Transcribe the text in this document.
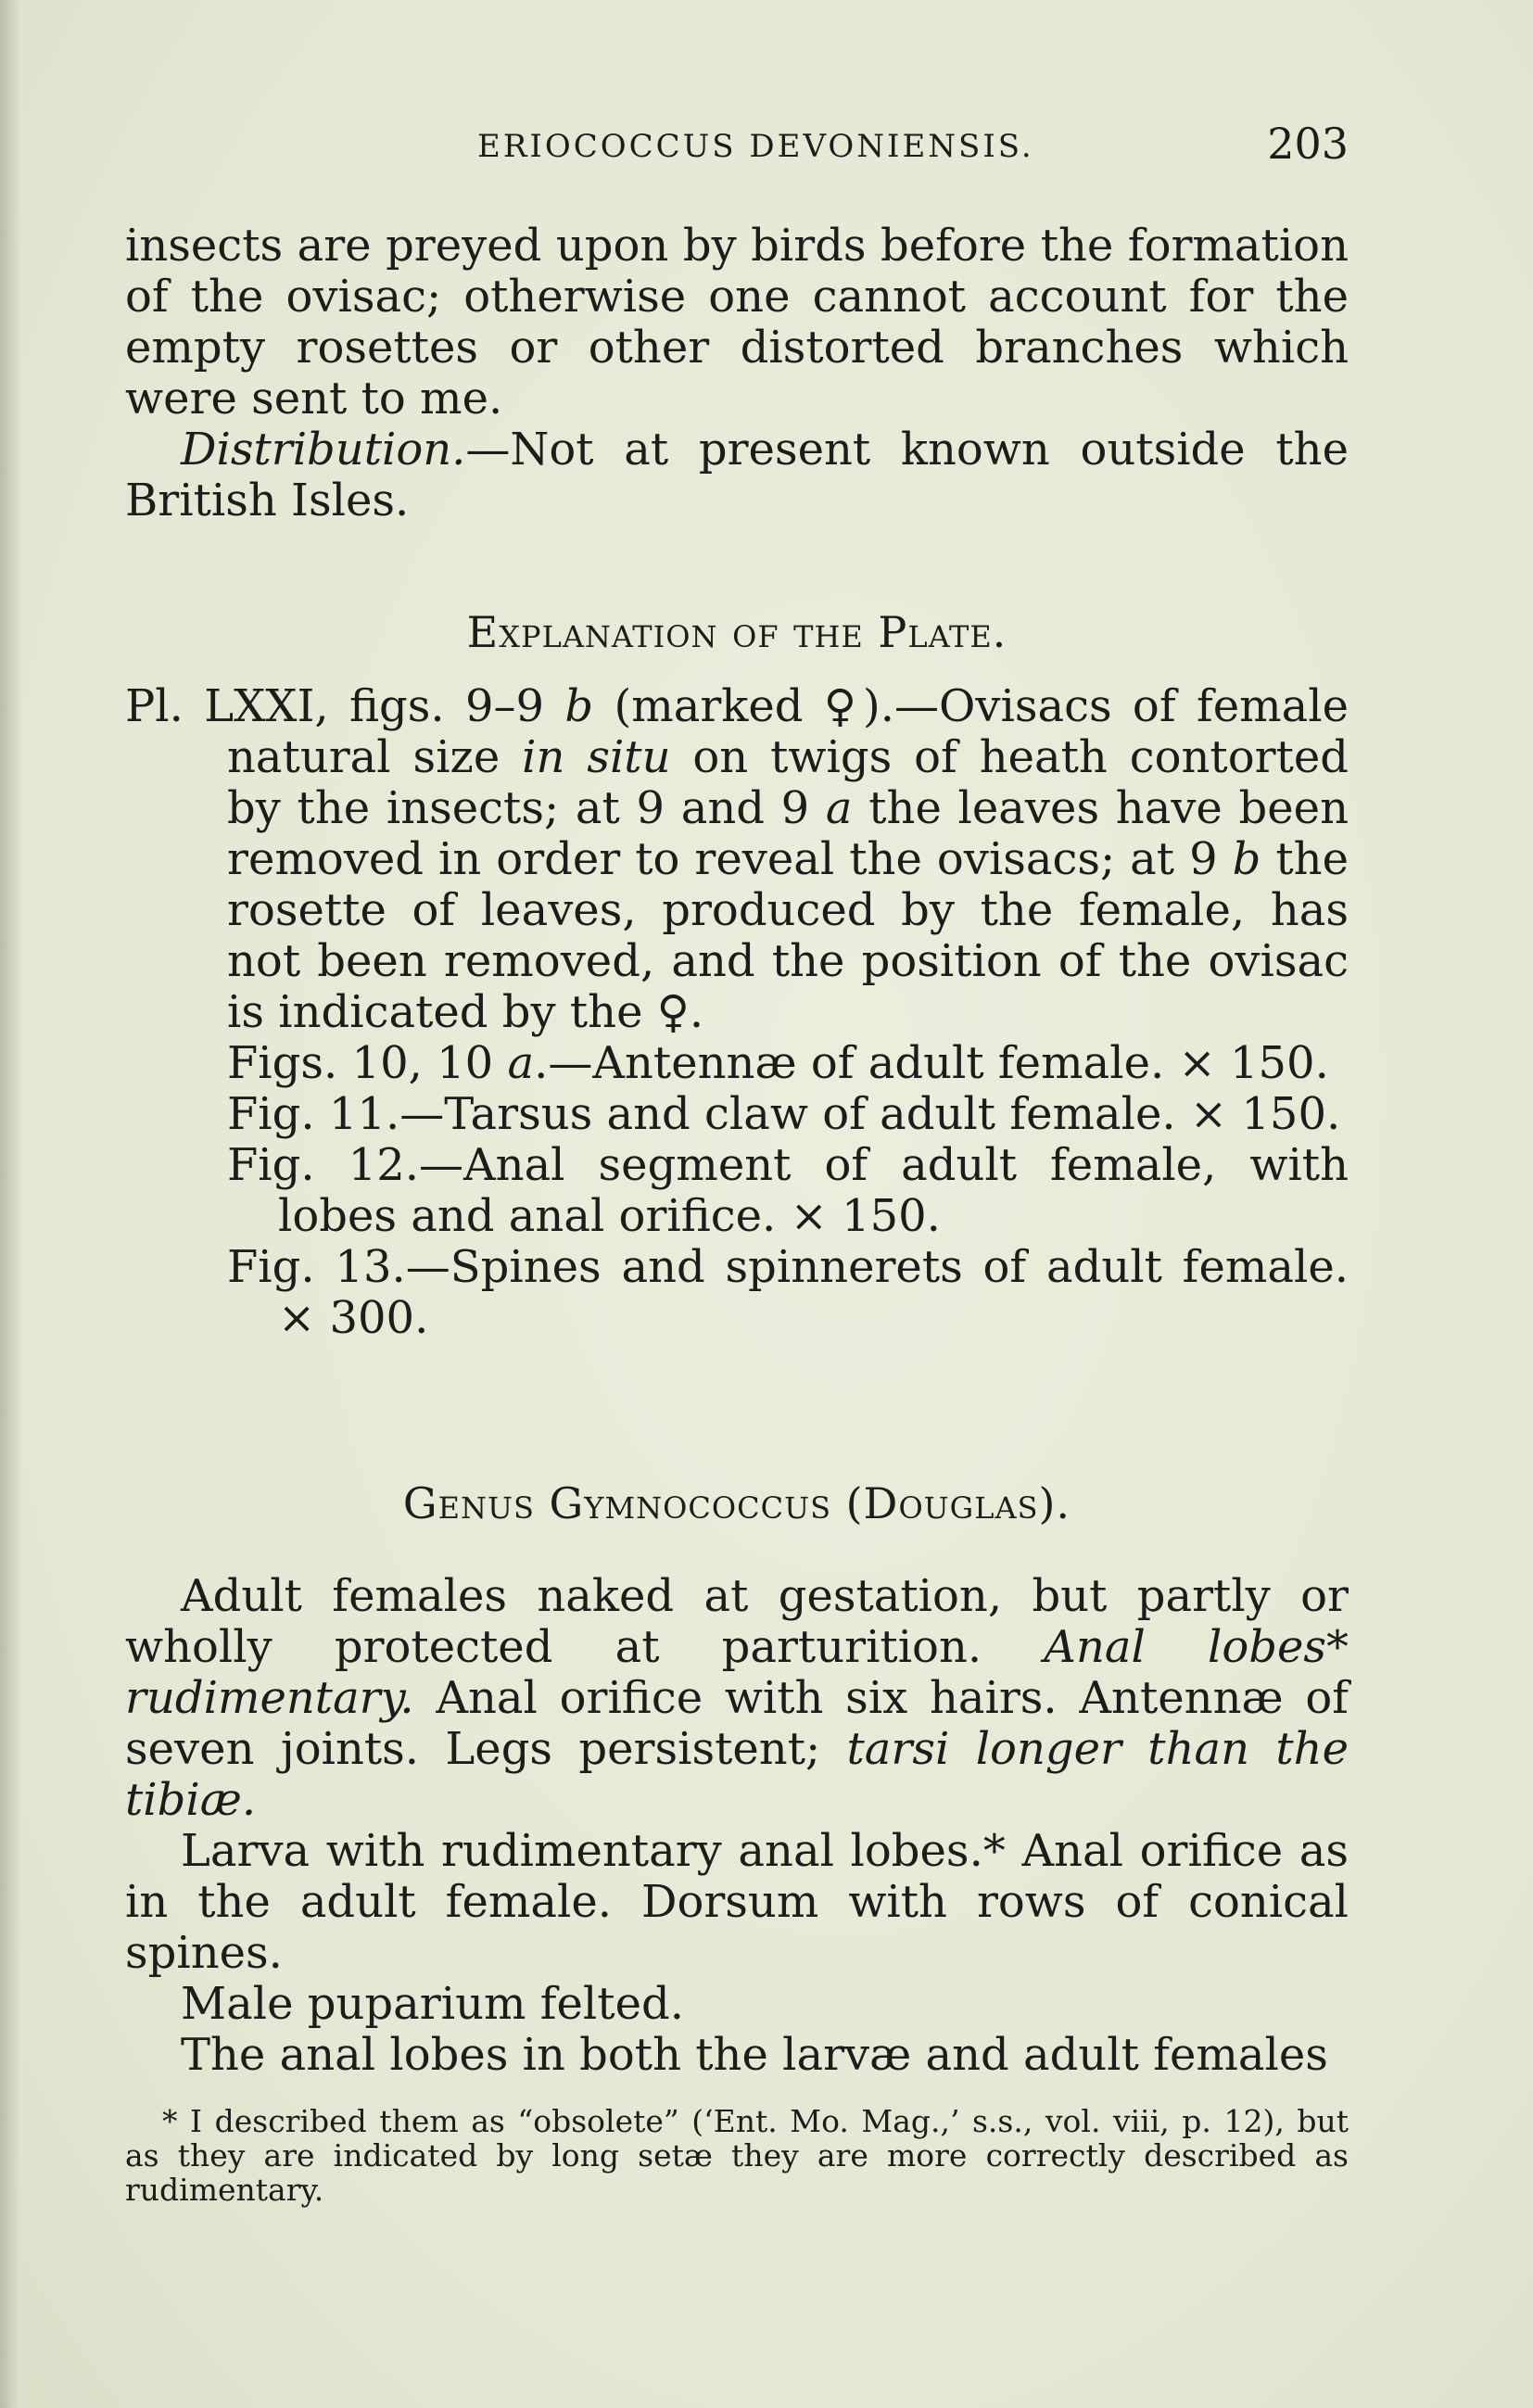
ERIOCOCCUS DEVONIENSIS.	203

insects are preyed upon by birds before the formation of the ovisac; otherwise one cannot account for the empty rosettes or other distorted branches which were sent to me.

Distribution.—Not at present known outside the British Isles.

Explanation of the Plate.

Pl. LXXI, figs. 9–9 b (marked ♀).—Ovisacs of female natural size in situ on twigs of heath contorted by the insects; at 9 and 9 a the leaves have been removed in order to reveal the ovisacs; at 9 b the rosette of leaves, produced by the female, has not been removed, and the position of the ovisac is indicated by the ♀.

Figs. 10, 10 a.—Antennæ of adult female. × 150.

Fig. 11.—Tarsus and claw of adult female. × 150.

Fig. 12.—Anal segment of adult female, with lobes and anal orifice. × 150.

Fig. 13.—Spines and spinnerets of adult female. × 300.

Genus Gymnococcus (Douglas).

Adult females naked at gestation, but partly or wholly protected at parturition. Anal lobes* rudimentary. Anal orifice with six hairs. Antennæ of seven joints. Legs persistent; tarsi longer than the tibiæ.

Larva with rudimentary anal lobes.* Anal orifice as in the adult female. Dorsum with rows of conical spines.

Male puparium felted.

The anal lobes in both the larvæ and adult females

* I described them as “obsolete” (‘Ent. Mo. Mag.,’ s.s., vol. viii, p. 12), but as they are indicated by long setæ they are more correctly described as rudimentary.
